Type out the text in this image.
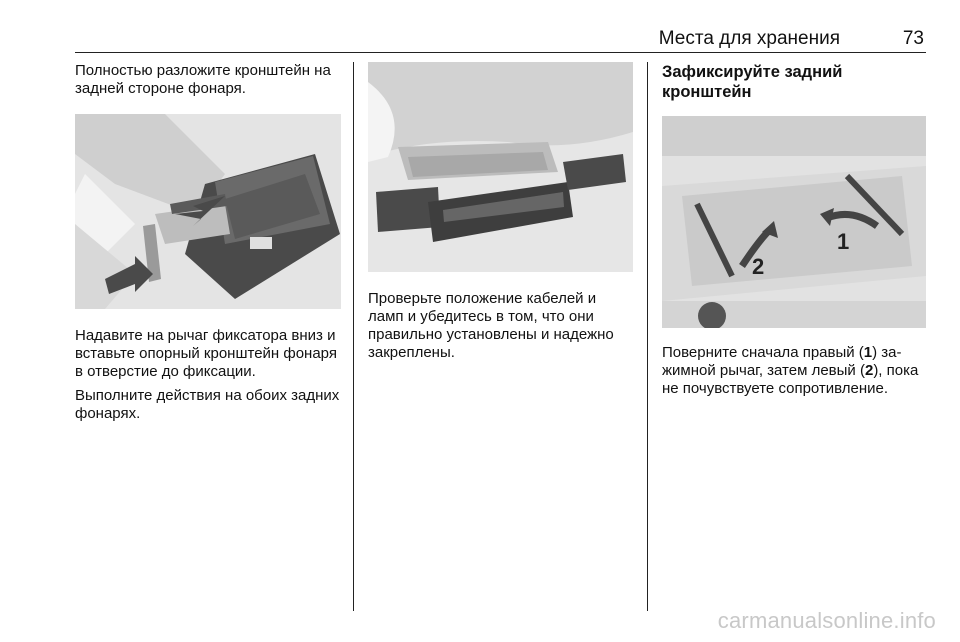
Места для хранения	73

Полностью разложите кронштейн на задней стороне фонаря.

Надавите на рычаг фиксатора вниз и вставьте опорный кронштейн фонаря в отверстие до фиксации.

Выполните действия на обоих задних фонарях.

Проверьте положение кабелей и ламп и убедитесь в том, что они правильно установлены и надежно закреплены.

Зафиксируйте задний кронштейн
2
1

Поверните сначала правый (1) зажимной рычаг, затем левый (2), пока не почувствуете сопротивление.

carmanualsonline.info
